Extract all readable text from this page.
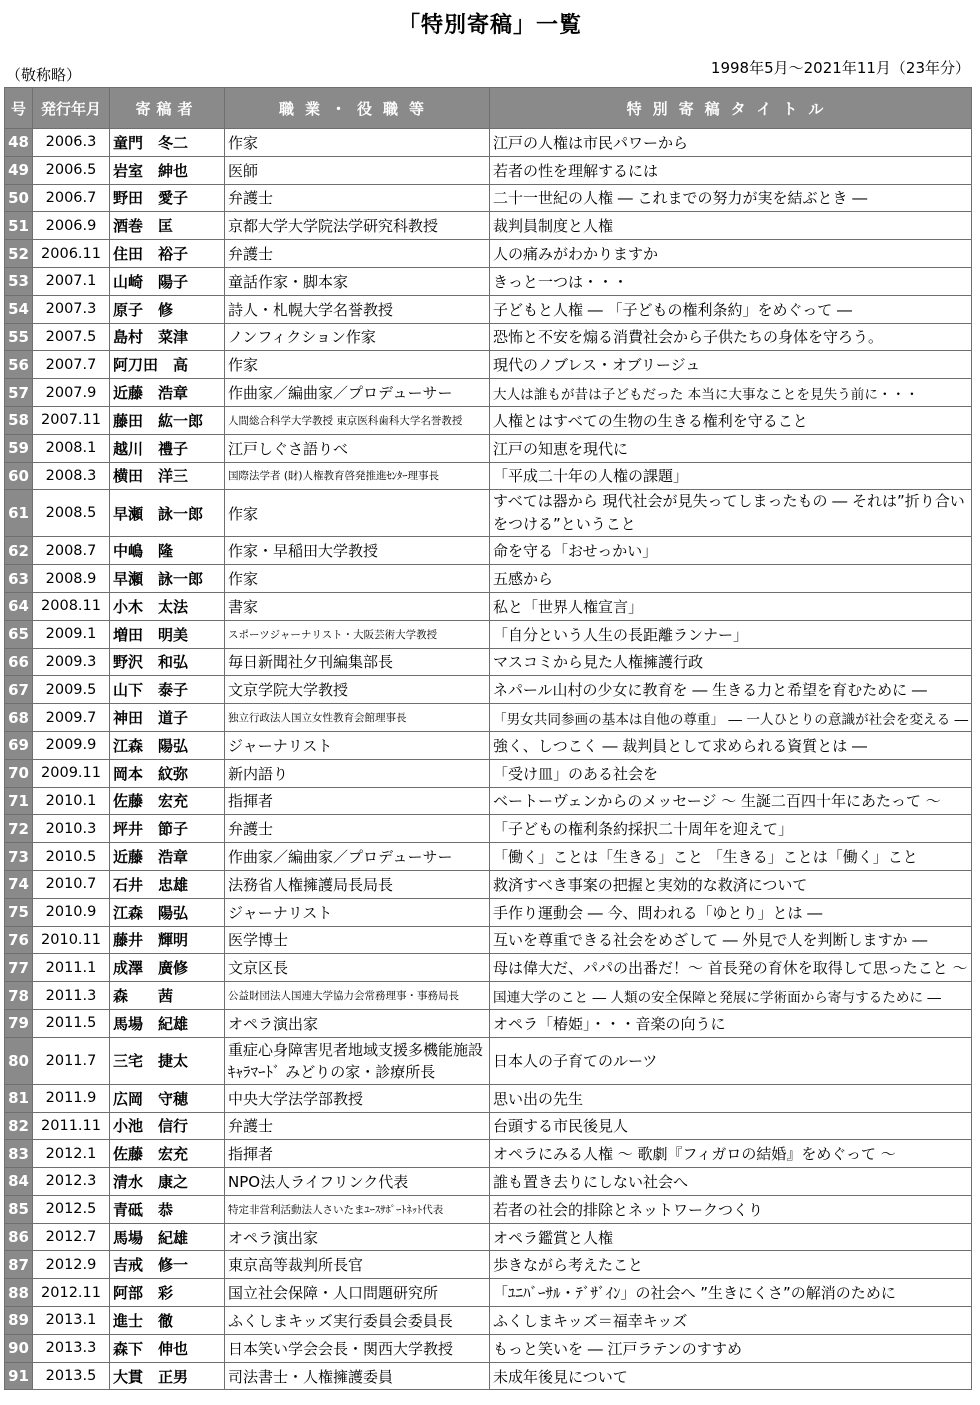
「特別寄稿」一覧
（敬称略）	1998年5月～2021年11月（23年分）
号	発行年月	寄稿者	職業・役職等	特別寄稿タイトル
48	2006.3	童門　冬二	作家	江戸の人権は市民パワーから
49	2006.5	岩室　紳也	医師	若者の性を理解するには
50	2006.7	野田　愛子	弁護士	二十一世紀の人権 ― これまでの努力が実を結ぶとき ―
51	2006.9	酒巻　匡	京都大学大学院法学研究科教授	裁判員制度と人権
52	2006.11	住田　裕子	弁護士	人の痛みがわかりますか
53	2007.1	山崎　陽子	童話作家・脚本家	きっと一つは・・・
54	2007.3	原子　修	詩人・札幌大学名誉教授	子どもと人権 ― 「子どもの権利条約」をめぐって ―
55	2007.5	島村　菜津	ノンフィクション作家	恐怖と不安を煽る消費社会から子供たちの身体を守ろう。
56	2007.7	阿刀田　高	作家	現代のノブレス・オブリージュ
57	2007.9	近藤　浩章	作曲家／編曲家／プロデューサー	大人は誰もが昔は子どもだった 本当に大事なことを見失う前に・・・
58	2007.11	藤田　紘一郎	人間総合科学大学教授 東京医科歯科大学名誉教授	人権とはすべての生物の生きる権利を守ること
59	2008.1	越川　禮子	江戸しぐさ語りべ	江戸の知恵を現代に
60	2008.3	横田　洋三	国際法学者 (財)人権教育啓発推進ｾﾝﾀｰ理事長	「平成二十年の人権の課題」
61	2008.5	早瀬　詠一郎	作家	すべては器から 現代社会が見失ってしまったもの ― それは”折り合いをつける”ということ
62	2008.7	中嶋　隆	作家・早稲田大学教授	命を守る「おせっかい」
63	2008.9	早瀬　詠一郎	作家	五感から
64	2008.11	小木　太法	書家	私と「世界人権宣言」
65	2009.1	増田　明美	スポーツジャーナリスト・大阪芸術大学教授	「自分という人生の長距離ランナー」
66	2009.3	野沢　和弘	毎日新聞社夕刊編集部長	マスコミから見た人権擁護行政
67	2009.5	山下　泰子	文京学院大学教授	ネパール山村の少女に教育を ― 生きる力と希望を育むために ―
68	2009.7	神田　道子	独立行政法人国立女性教育会館理事長	「男女共同参画の基本は自他の尊重」 ― 一人ひとりの意識が社会を変える ―
69	2009.9	江森　陽弘	ジャーナリスト	強く、しつこく ― 裁判員として求められる資質とは ―
70	2009.11	岡本　紋弥	新内語り	「受け皿」のある社会を
71	2010.1	佐藤　宏充	指揮者	ベートーヴェンからのメッセージ ～ 生誕二百四十年にあたって ～
72	2010.3	坪井　節子	弁護士	「子どもの権利条約採択二十周年を迎えて」
73	2010.5	近藤　浩章	作曲家／編曲家／プロデューサー	「働く」ことは「生きる」こと 「生きる」ことは「働く」こと
74	2010.7	石井　忠雄	法務省人権擁護局長局長	救済すべき事案の把握と実効的な救済について
75	2010.9	江森　陽弘	ジャーナリスト	手作り運動会 ― 今、問われる「ゆとり」とは ―
76	2010.11	藤井　輝明	医学博士	互いを尊重できる社会をめざして ― 外見で人を判断しますか ―
77	2011.1	成澤　廣修	文京区長	母は偉大だ、パパの出番だ！～ 首長発の育休を取得して思ったこと ～
78	2011.3	森　　茜	公益財団法人国連大学協力会常務理事・事務局長	国連大学のこと ― 人類の安全保障と発展に学術面から寄与するために ―
79	2011.5	馬場　紀雄	オペラ演出家	オペラ「椿姫」・・・音楽の向うに
80	2011.7	三宅　捷太	重症心身障害児者地域支援多機能施設ｷｬﾗﾏｰﾄﾞ みどりの家・診療所長	日本人の子育てのルーツ
81	2011.9	広岡　守穂	中央大学法学部教授	思い出の先生
82	2011.11	小池　信行	弁護士	台頭する市民後見人
83	2012.1	佐藤　宏充	指揮者	オペラにみる人権 ～ 歌劇『フィガロの結婚』をめぐって ～
84	2012.3	清水　康之	NPO法人ライフリンク代表	誰も置き去りにしない社会へ
85	2012.5	青砥　恭	特定非営利活動法人さいたまﾕｰｽｻﾎﾟｰﾄﾈｯﾄ代表	若者の社会的排除とネットワークつくり
86	2012.7	馬場　紀雄	オペラ演出家	オペラ鑑賞と人権
87	2012.9	吉戒　修一	東京高等裁判所長官	歩きながら考えたこと
88	2012.11	阿部　彩	国立社会保障・人口問題研究所	「ﾕﾆﾊﾞｰｻﾙ・ﾃﾞｻﾞｲﾝ」の社会へ ”生きにくさ”の解消のために
89	2013.1	進士　徹	ふくしまキッズ実行委員会委員長	ふくしまキッズ＝福幸キッズ
90	2013.3	森下　伸也	日本笑い学会会長・関西大学教授	もっと笑いを ― 江戸ラテンのすすめ
91	2013.5	大貫　正男	司法書士・人権擁護委員	未成年後見について
